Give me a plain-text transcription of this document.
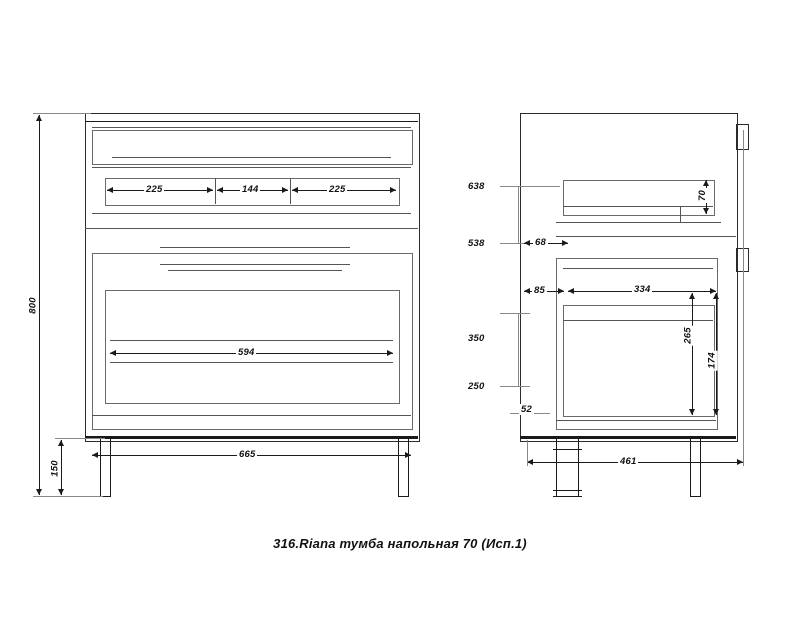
225	144	225
594
665
800
150
638
538
350
250
52
70
68
85	334
265
174
461
316.Riana тумба напольная 70 (Исп.1)
